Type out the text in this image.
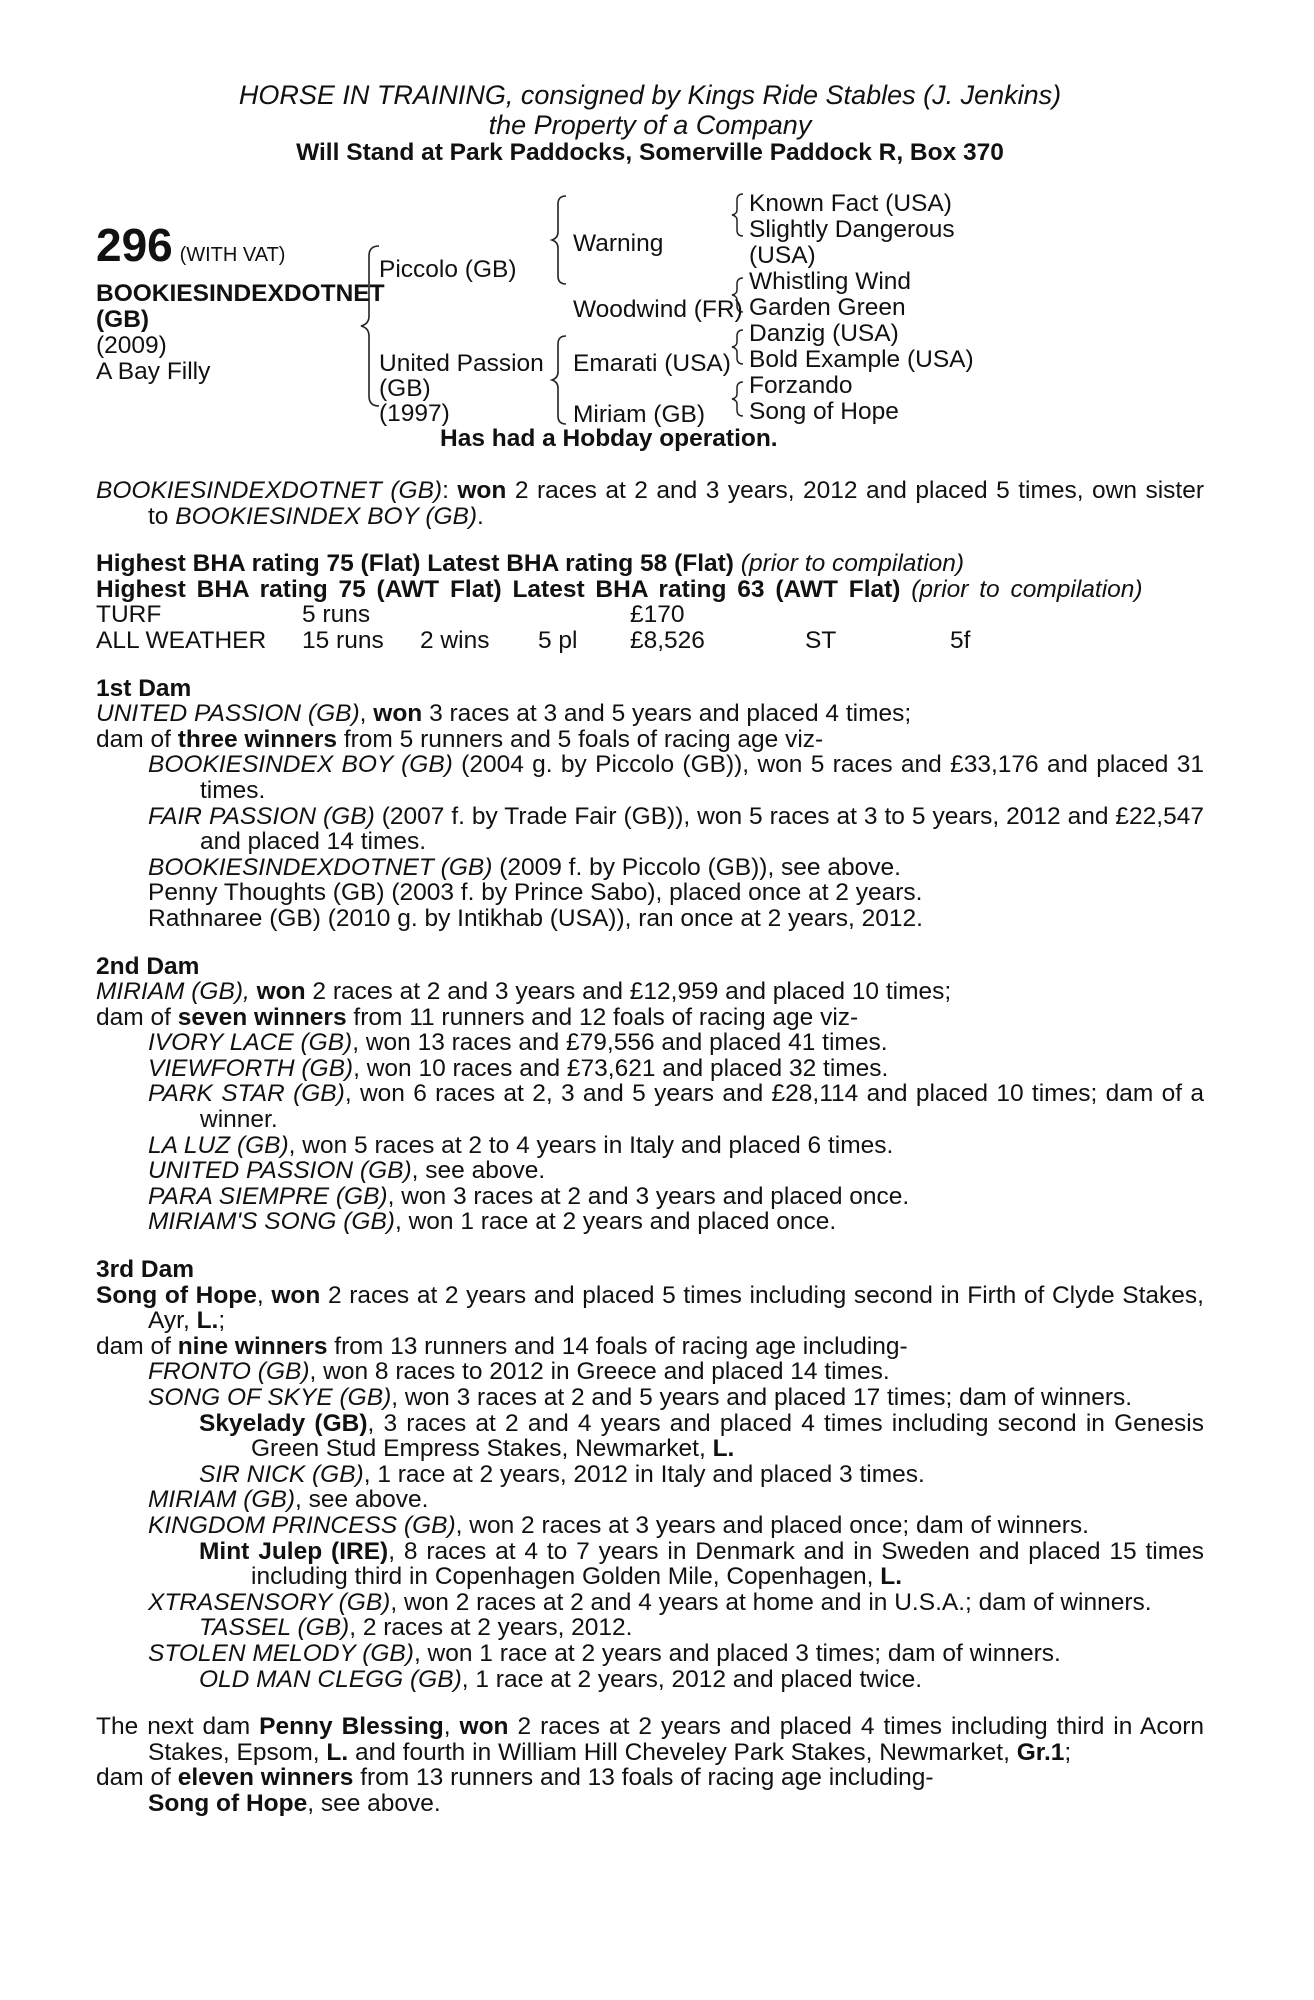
HORSE IN TRAINING, consigned by Kings Ride Stables (J. Jenkins)
the Property of a Company
Will Stand at Park Paddocks, Somerville Paddock R, Box 370
296 (WITH VAT)
BOOKIESINDEXDOTNET
(GB)
(2009)
A Bay Filly
Piccolo (GB)
United Passion
(GB)
(1997)
Warning
Woodwind (FR)
Emarati (USA)
Miriam (GB)
Known Fact (USA)
Slightly Dangerous
(USA)
Whistling Wind
Garden Green
Danzig (USA)
Bold Example (USA)
Forzando
Song of Hope
Has had a Hobday operation.
BOOKIESINDEXDOTNET (GB): won 2 races at 2 and 3 years, 2012 and placed 5 times, own sister to BOOKIESINDEX BOY (GB).
Highest BHA rating 75 (Flat) Latest BHA rating 58 (Flat) (prior to compilation)
Highest BHA rating 75 (AWT Flat) Latest BHA rating 63 (AWT Flat) (prior to compilation)
TURF	5 runs			£170		
ALL WEATHER	15 runs	2 wins	5 pl	£8,526	ST	5f
1st Dam
UNITED PASSION (GB), won 3 races at 3 and 5 years and placed 4 times;
dam of three winners from 5 runners and 5 foals of racing age viz-
BOOKIESINDEX BOY (GB) (2004 g. by Piccolo (GB)), won 5 races and £33,176 and placed 31 times.
FAIR PASSION (GB) (2007 f. by Trade Fair (GB)), won 5 races at 3 to 5 years, 2012 and £22,547 and placed 14 times.
BOOKIESINDEXDOTNET (GB) (2009 f. by Piccolo (GB)), see above.
Penny Thoughts (GB) (2003 f. by Prince Sabo), placed once at 2 years.
Rathnaree (GB) (2010 g. by Intikhab (USA)), ran once at 2 years, 2012.
2nd Dam
MIRIAM (GB), won 2 races at 2 and 3 years and £12,959 and placed 10 times;
dam of seven winners from 11 runners and 12 foals of racing age viz-
IVORY LACE (GB), won 13 races and £79,556 and placed 41 times.
VIEWFORTH (GB), won 10 races and £73,621 and placed 32 times.
PARK STAR (GB), won 6 races at 2, 3 and 5 years and £28,114 and placed 10 times; dam of a winner.
LA LUZ (GB), won 5 races at 2 to 4 years in Italy and placed 6 times.
UNITED PASSION (GB), see above.
PARA SIEMPRE (GB), won 3 races at 2 and 3 years and placed once.
MIRIAM'S SONG (GB), won 1 race at 2 years and placed once.
3rd Dam
Song of Hope, won 2 races at 2 years and placed 5 times including second in Firth of Clyde Stakes, Ayr, L.;
dam of nine winners from 13 runners and 14 foals of racing age including-
FRONTO (GB), won 8 races to 2012 in Greece and placed 14 times.
SONG OF SKYE (GB), won 3 races at 2 and 5 years and placed 17 times; dam of winners.
Skyelady (GB), 3 races at 2 and 4 years and placed 4 times including second in Genesis Green Stud Empress Stakes, Newmarket, L.
SIR NICK (GB), 1 race at 2 years, 2012 in Italy and placed 3 times.
MIRIAM (GB), see above.
KINGDOM PRINCESS (GB), won 2 races at 3 years and placed once; dam of winners.
Mint Julep (IRE), 8 races at 4 to 7 years in Denmark and in Sweden and placed 15 times including third in Copenhagen Golden Mile, Copenhagen, L.
XTRASENSORY (GB), won 2 races at 2 and 4 years at home and in U.S.A.; dam of winners.
TASSEL (GB), 2 races at 2 years, 2012.
STOLEN MELODY (GB), won 1 race at 2 years and placed 3 times; dam of winners.
OLD MAN CLEGG (GB), 1 race at 2 years, 2012 and placed twice.
The next dam Penny Blessing, won 2 races at 2 years and placed 4 times including third in Acorn Stakes, Epsom, L. and fourth in William Hill Cheveley Park Stakes, Newmarket, Gr.1;
dam of eleven winners from 13 runners and 13 foals of racing age including-
Song of Hope, see above.
